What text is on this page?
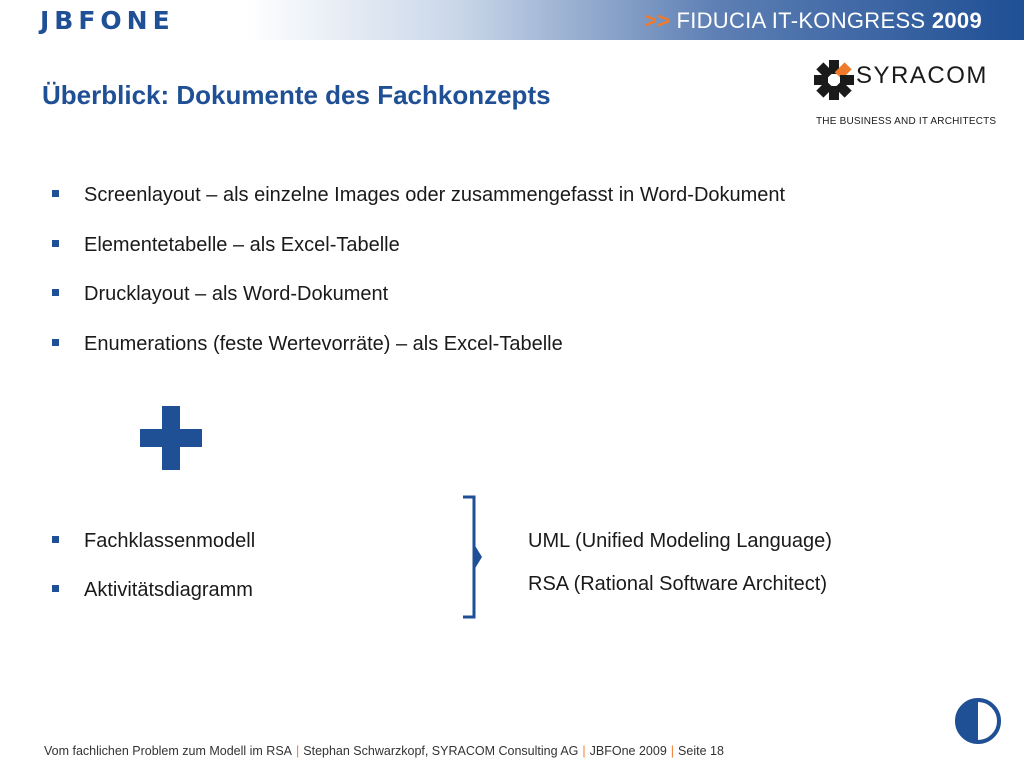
JBFONE	>> FIDUCIA IT-KONGRESS 2009
Überblick: Dokumente des Fachkonzepts
SYRACOM
THE BUSINESS AND IT ARCHITECTS
Screenlayout – als einzelne Images oder zusammengefasst in Word-Dokument
Elementetabelle – als Excel-Tabelle
Drucklayout – als Word-Dokument
Enumerations (feste Wertevorräte) – als Excel-Tabelle
Fachklassenmodell
Aktivitätsdiagramm
UML (Unified Modeling Language)
RSA (Rational Software Architect)
Vom fachlichen Problem zum Modell im RSA | Stephan Schwarzkopf, SYRACOM Consulting AG | JBFOne 2009 | Seite 18
